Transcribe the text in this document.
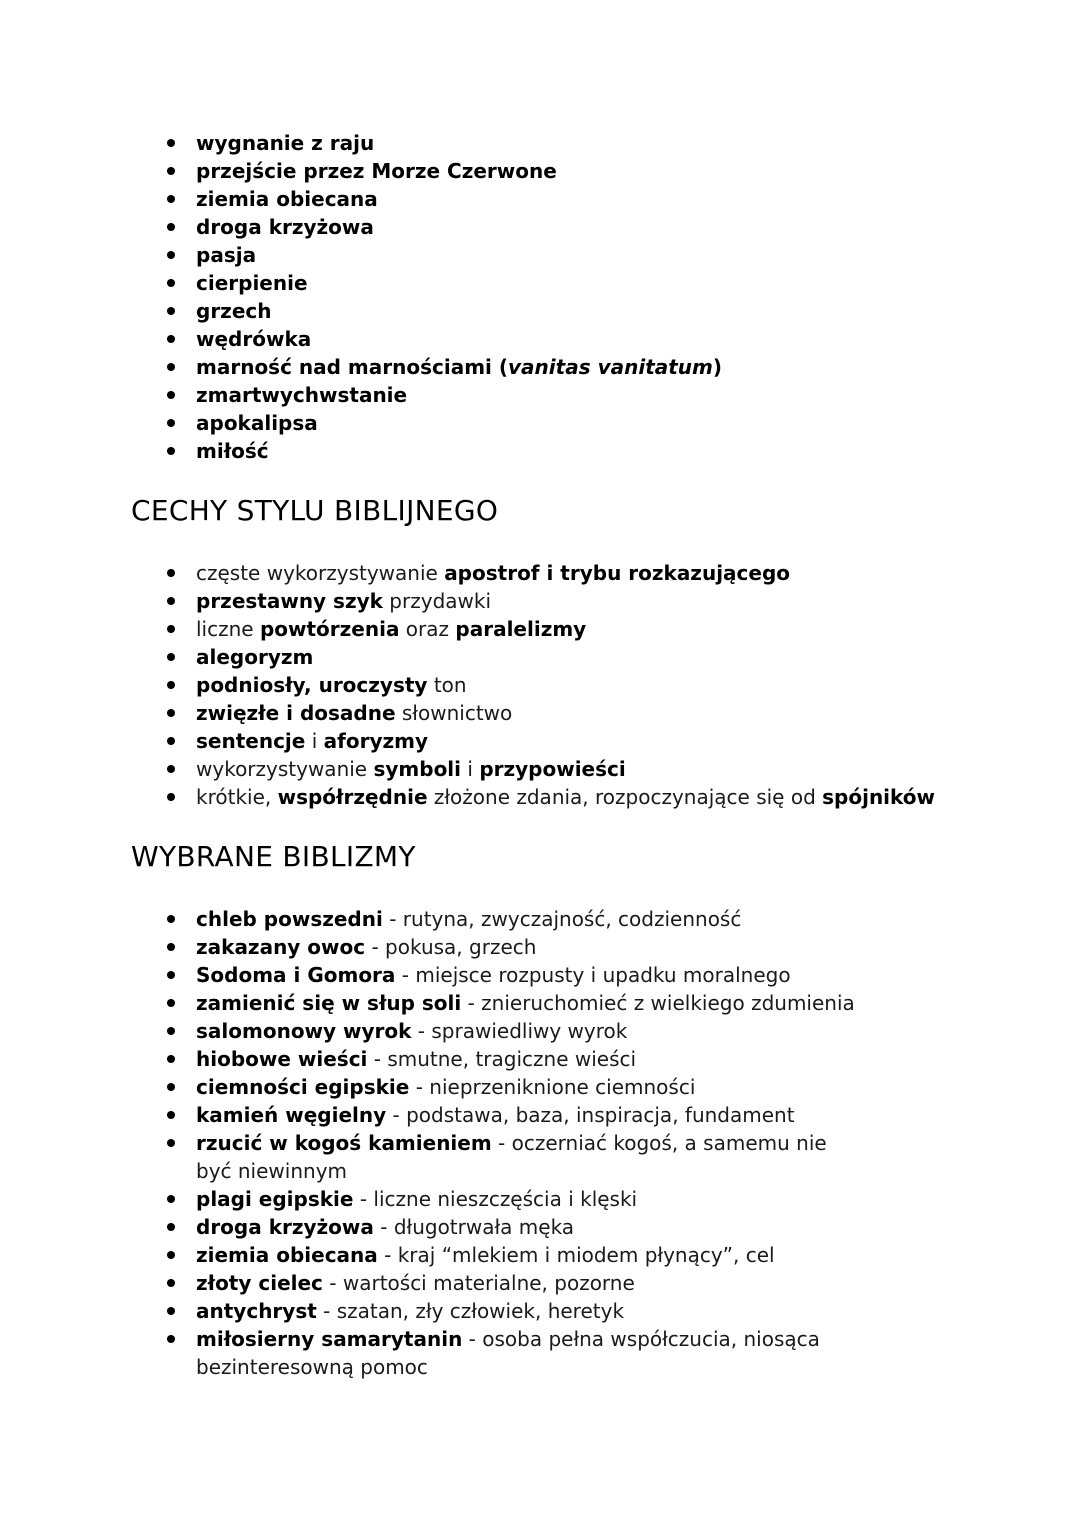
wygnanie z raju
przejście przez Morze Czerwone
ziemia obiecana
droga krzyżowa
pasja
cierpienie
grzech
wędrówka
marność nad marnościami (vanitas vanitatum)
zmartwychwstanie
apokalipsa
miłość
CECHY STYLU BIBLIJNEGO
częste wykorzystywanie apostrof i trybu rozkazującego
przestawny szyk przydawki
liczne powtórzenia oraz paralelizmy
alegoryzm
podniosły, uroczysty ton
zwięzłe i dosadne słownictwo
sentencje i aforyzmy
wykorzystywanie symboli i przypowieści
krótkie, współrzędnie złożone zdania, rozpoczynające się od spójników
WYBRANE BIBLIZMY
chleb powszedni - rutyna, zwyczajność, codzienność
zakazany owoc - pokusa, grzech
Sodoma i Gomora - miejsce rozpusty i upadku moralnego
zamienić się w słup soli - znieruchomieć z wielkiego zdumienia
salomonowy wyrok - sprawiedliwy wyrok
hiobowe wieści - smutne, tragiczne wieści
ciemności egipskie - nieprzeniknione ciemności
kamień węgielny - podstawa, baza, inspiracja, fundament
rzucić w kogoś kamieniem - oczerniać kogoś, a samemu nie być niewinnym
plagi egipskie - liczne nieszczęścia i klęski
droga krzyżowa - długotrwała męka
ziemia obiecana - kraj “mlekiem i miodem płynący”, cel
złoty cielec - wartości materialne, pozorne
antychryst - szatan, zły człowiek, heretyk
miłosierny samarytanin - osoba pełna współczucia, niosąca bezinteresowną pomoc
